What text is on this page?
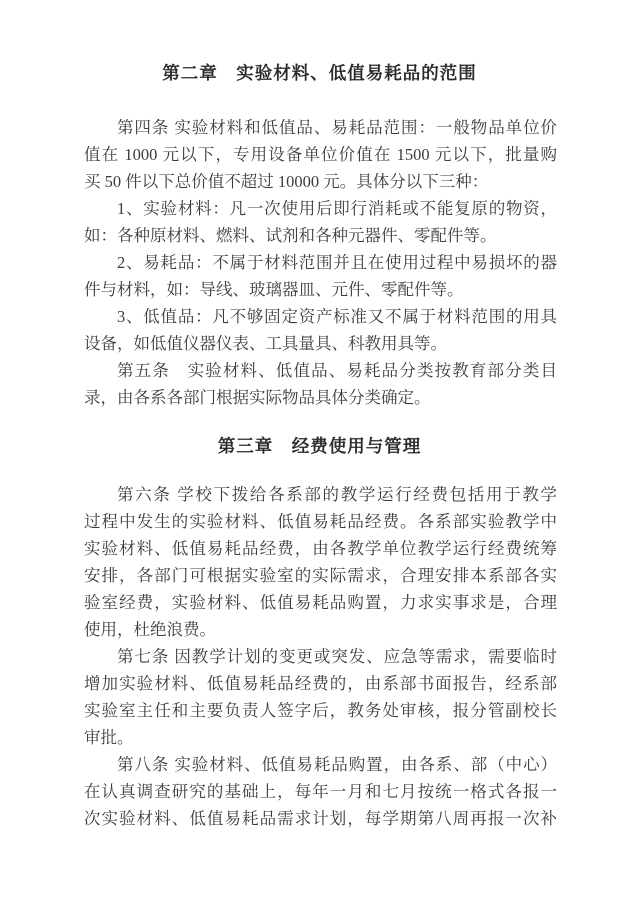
第二章　实验材料、低值易耗品的范围
第四条 实验材料和低值品、易耗品范围：一般物品单位价
值在 1000 元以下，专用设备单位价值在 1500 元以下，批量购
买 50 件以下总价值不超过 10000 元。具体分以下三种：
1、实验材料：凡一次使用后即行消耗或不能复原的物资，
如：各种原材料、燃料、试剂和各种元器件、零配件等。
2、易耗品：不属于材料范围并且在使用过程中易损坏的器
件与材料，如：导线、玻璃器皿、元件、零配件等。
3、低值品：凡不够固定资产标准又不属于材料范围的用具
设备，如低值仪器仪表、工具量具、科教用具等。
第五条　实验材料、低值品、易耗品分类按教育部分类目
录，由各系各部门根据实际物品具体分类确定。
第三章　经费使用与管理
第六条 学校下拨给各系部的教学运行经费包括用于教学
过程中发生的实验材料、低值易耗品经费。各系部实验教学中
实验材料、低值易耗品经费，由各教学单位教学运行经费统筹
安排，各部门可根据实验室的实际需求，合理安排本系部各实
验室经费，实验材料、低值易耗品购置，力求实事求是，合理
使用，杜绝浪费。
第七条 因教学计划的变更或突发、应急等需求，需要临时
增加实验材料、低值易耗品经费的，由系部书面报告，经系部
实验室主任和主要负责人签字后，教务处审核，报分管副校长
审批。
第八条 实验材料、低值易耗品购置，由各系、部（中心）
在认真调查研究的基础上，每年一月和七月按统一格式各报一
次实验材料、低值易耗品需求计划，每学期第八周再报一次补
